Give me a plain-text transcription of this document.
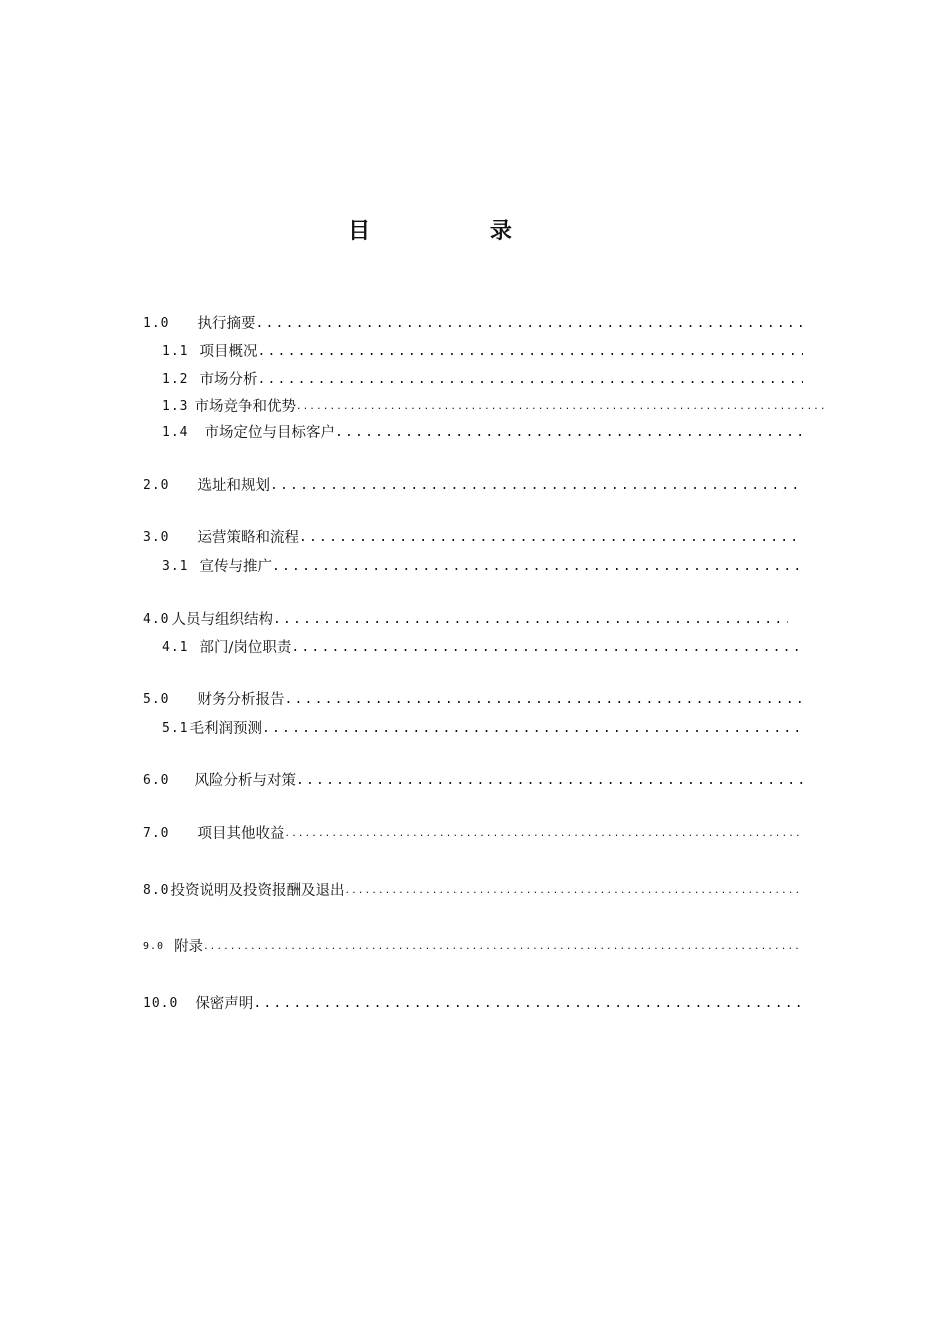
目 录
1.0 执行摘要
.....
1.1 项目概况
.....
1.2 市场分析
.....
1.3 市场竞争和优势
.....
1.4 市场定位与目标客户
.....
2.0 选址和规划
.....
3.0 运营策略和流程
.....
3.1 宣传与推广
.....
4.0 人员与组织结构
.....
4.1 部门/岗位职责
.....
5.0 财务分析报告
.....
5.1 毛利润预测
.....
6.0 风险分析与对策
.....
7.0 项目其他收益
.....
8.0 投资说明及投资报酬及退出
.....
9.0 附录
.....
10.0 保密声明
.....
